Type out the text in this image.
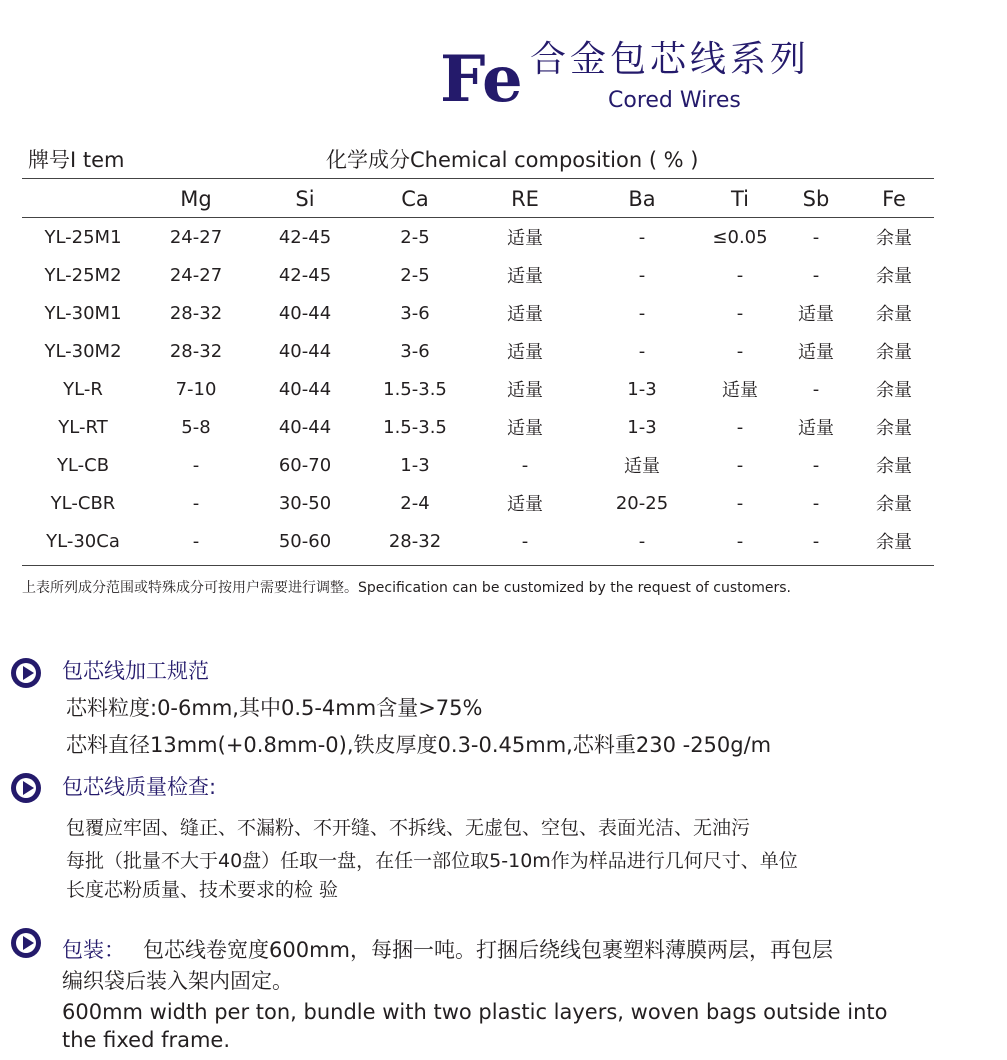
Fe 合金包芯线系列
Cored Wires
牌号I tem	化学成分Chemical composition ( % )
	Mg	Si	Ca	RE	Ba	Ti	Sb	Fe
YL-25M1	24-27	42-45	2-5	适量	-	≤0.05	-	余量
YL-25M2	24-27	42-45	2-5	适量	-	-	-	余量
YL-30M1	28-32	40-44	3-6	适量	-	-	适量	余量
YL-30M2	28-32	40-44	3-6	适量	-	-	适量	余量
YL-R	7-10	40-44	1.5-3.5	适量	1-3	适量	-	余量
YL-RT	5-8	40-44	1.5-3.5	适量	1-3	-	适量	余量
YL-CB	-	60-70	1-3	-	适量	-	-	余量
YL-CBR	-	30-50	2-4	适量	20-25	-	-	余量
YL-30Ca	-	50-60	28-32	-	-	-	-	余量
上表所列成分范围或特殊成分可按用户需要进行调整。Specification can be customized by the request of customers.
包芯线加工规范
芯料粒度:0-6mm,其中0.5-4mm含量>75%
芯料直径13mm(+0.8mm-0),铁皮厚度0.3-0.45mm,芯料重230 -250g/m
包芯线质量检查:
包覆应牢固、缝正、不漏粉、不开缝、不拆线、无虚包、空包、表面光洁、无油污
每批（批量不大于40盘）任取一盘，在任一部位取5-10m作为样品进行几何尺寸、单位
长度芯粉质量、技术要求的检 验
包装： 包芯线卷宽度600mm，每捆一吨。打捆后绕线包裹塑料薄膜两层，再包层
编织袋后装入架内固定。
600mm width per ton, bundle with two plastic layers, woven bags outside into
the fixed frame.
